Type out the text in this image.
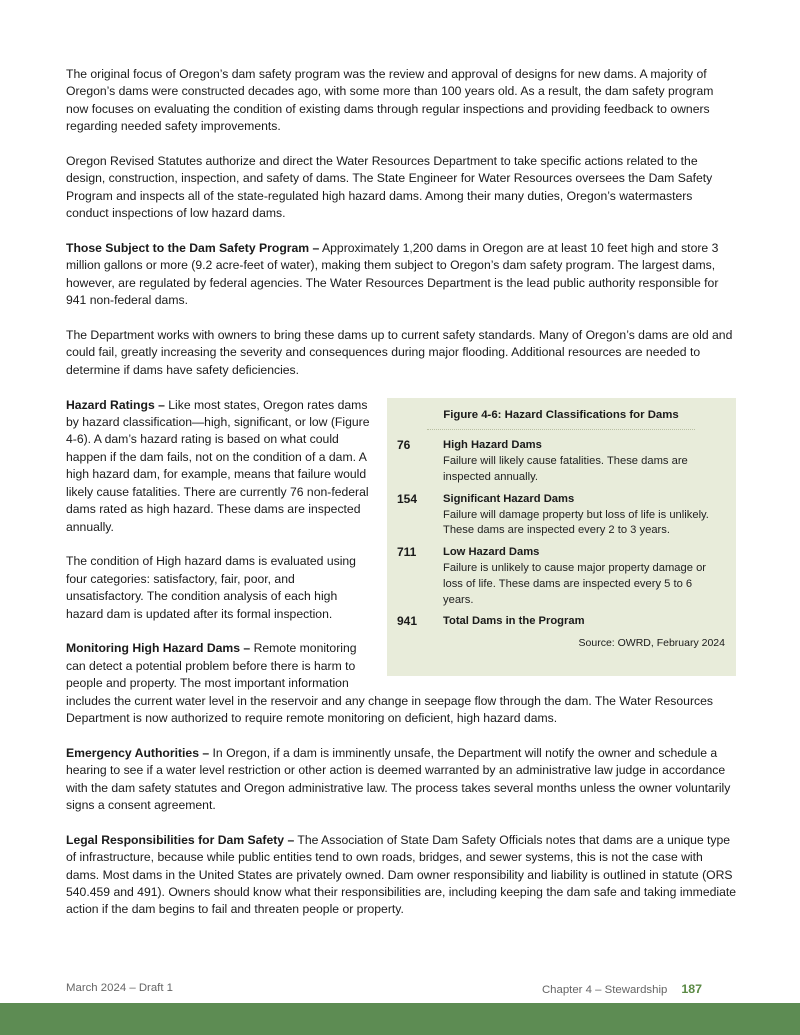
The original focus of Oregon’s dam safety program was the review and approval of designs for new dams. A majority of Oregon’s dams were constructed decades ago, with some more than 100 years old. As a result, the dam safety program now focuses on evaluating the condition of existing dams through regular inspections and providing feedback to owners regarding needed safety improvements.

Oregon Revised Statutes authorize and direct the Water Resources Department to take specific actions related to the design, construction, inspection, and safety of dams. The State Engineer for Water Resources oversees the Dam Safety Program and inspects all of the state-regulated high hazard dams. Among their many duties, Oregon’s watermasters conduct inspections of low hazard dams.

Those Subject to the Dam Safety Program – Approximately 1,200 dams in Oregon are at least 10 feet high and store 3 million gallons or more (9.2 acre-feet of water), making them subject to Oregon’s dam safety program. The largest dams, however, are regulated by federal agencies. The Water Resources Department is the lead public authority responsible for 941 non-federal dams.

The Department works with owners to bring these dams up to current safety standards. Many of Oregon’s dams are old and could fail, greatly increasing the severity and consequences during major flooding. Additional resources are needed to determine if dams have safety deficiencies.

Figure 4-6: Hazard Classifications for Dams
76	High Hazard Dams
Failure will likely cause fatalities. These dams are inspected annually.
154	Significant Hazard Dams
Failure will damage property but loss of life is unlikely. These dams are inspected every 2 to 3 years.
711	Low Hazard Dams
Failure is unlikely to cause major property damage or loss of life. These dams are inspected every 5 to 6 years.
941	Total Dams in the Program
Source: OWRD, February 2024

Hazard Ratings – Like most states, Oregon rates dams by hazard classification—high, significant, or low (Figure 4-6). A dam’s hazard rating is based on what could happen if the dam fails, not on the condition of a dam. A high hazard dam, for example, means that failure would likely cause fatalities. There are currently 76 non-federal dams rated as high hazard. These dams are inspected annually.

The condition of High hazard dams is evaluated using four categories: satisfactory, fair, poor, and unsatisfactory. The condition analysis of each high hazard dam is updated after its formal inspection.

Monitoring High Hazard Dams – Remote monitoring can detect a potential problem before there is harm to people and property. The most important information includes the current water level in the reservoir and any change in seepage flow through the dam. The Water Resources Department is now authorized to require remote monitoring on deficient, high hazard dams.

Emergency Authorities – In Oregon, if a dam is imminently unsafe, the Department will notify the owner and schedule a hearing to see if a water level restriction or other action is deemed warranted by an administrative law judge in accordance with the dam safety statutes and Oregon administrative law. The process takes several months unless the owner voluntarily signs a consent agreement.

Legal Responsibilities for Dam Safety – The Association of State Dam Safety Officials notes that dams are a unique type of infrastructure, because while public entities tend to own roads, bridges, and sewer systems, this is not the case with dams. Most dams in the United States are privately owned. Dam owner responsibility and liability is outlined in statute (ORS 540.459 and 491). Owners should know what their responsibilities are, including keeping the dam safe and taking immediate action if the dam begins to fail and threaten people or property.

March 2024 – Draft 1	Chapter 4 – Stewardship 187
